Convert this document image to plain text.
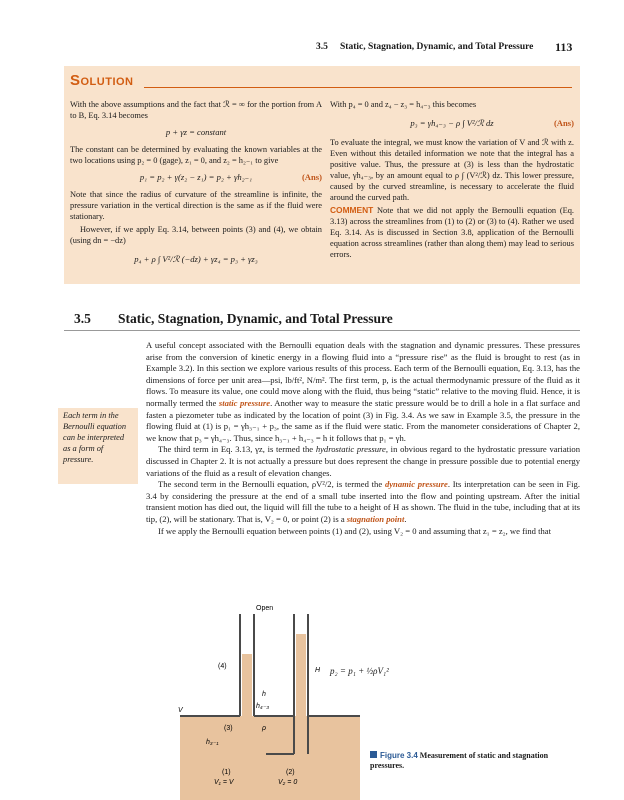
3.5 Static, Stagnation, Dynamic, and Total Pressure 113
Solution

With the above assumptions and the fact that ℛ = ∞ for the portion from A to B, Eq. 3.14 becomes

p + γz = constant

The constant can be determined by evaluating the known variables at the two locations using p₂ = 0 (gage), z₁ = 0, and z₂ = h₂₋₁ to give

p₁ = p₂ + γ(z₂ − z₁) = p₂ + γh₂₋₁	(Ans)

Note that since the radius of curvature of the streamline is infinite, the pressure variation in the vertical direction is the same as if the fluid were stationary.

However, if we apply Eq. 3.14, between points (3) and (4), we obtain (using dn = −dz)

p₄ + ρ ∫ V²/ℛ (−dz) + γz₄ = p₃ + γz₃

With p₄ = 0 and z₄ − z₃ = h₄₋₃ this becomes

p₃ = γh₄₋₃ − ρ ∫ V²/ℛ dz	(Ans)

To evaluate the integral, we must know the variation of V and ℛ with z. Even without this detailed information we note that the integral has a positive value. Thus, the pressure at (3) is less than the hydrostatic value, γh₄₋₃, by an amount equal to ρ ∫ (V²/ℛ) dz. This lower pressure, caused by the curved streamline, is necessary to accelerate the fluid around the curved path.

COMMENT Note that we did not apply the Bernoulli equation (Eq. 3.13) across the streamlines from (1) to (2) or (3) to (4). Rather we used Eq. 3.14. As is discussed in Section 3.8, application of the Bernoulli equation across streamlines (rather than along them) may lead to serious errors.

3.5 Static, Stagnation, Dynamic, and Total Pressure
Each term in the Bernoulli equation can be interpreted as a form of pressure.

A useful concept associated with the Bernoulli equation deals with the stagnation and dynamic pressures. These pressures arise from the conversion of kinetic energy in a flowing fluid into a “pressure rise” as the fluid is brought to rest (as in Example 3.2). In this section we explore various results of this process. Each term of the Bernoulli equation, Eq. 3.13, has the dimensions of force per unit area—psi, lb/ft², N/m². The first term, p, is the actual thermodynamic pressure of the fluid as it flows. To measure its value, one could move along with the fluid, thus being “static” relative to the moving fluid. Hence, it is normally termed the static pressure. Another way to measure the static pressure would be to drill a hole in a flat surface and fasten a piezometer tube as indicated by the location of point (3) in Fig. 3.4. As we saw in Example 3.5, the pressure in the flowing fluid at (1) is p₁ = γh₃₋₁ + p₃, the same as if the fluid were static. From the manometer considerations of Chapter 2, we know that p₃ = γh₄₋₃. Thus, since h₃₋₁ + h₄₋₃ = h it follows that p₁ = γh.

The third term in Eq. 3.13, γz, is termed the hydrostatic pressure, in obvious regard to the hydrostatic pressure variation discussed in Chapter 2. It is not actually a pressure but does represent the change in pressure possible due to potential energy variations of the fluid as a result of elevation changes.

The second term in the Bernoulli equation, ρV²/2, is termed the dynamic pressure. Its interpretation can be seen in Fig. 3.4 by considering the pressure at the end of a small tube inserted into the flow and pointing upstream. After the initial transient motion has died out, the liquid will fill the tube to a height of H as shown. The fluid in the tube, including that at its tip, (2), will be stationary. That is, V₂ = 0, or point (2) is a stagnation point.

If we apply the Bernoulli equation between points (1) and (2), using V₂ = 0 and assuming that z₁ = z₂, we find that

p₂ = p₁ + ½ρV₁²
Open
H
(4)
h
h₄₋₃
V
(3)	ρ
h₃₋₁
(1)	(2)
V₁ = V	V₂ = 0
Figure 3.4 Measurement of static and stagnation pressures.
